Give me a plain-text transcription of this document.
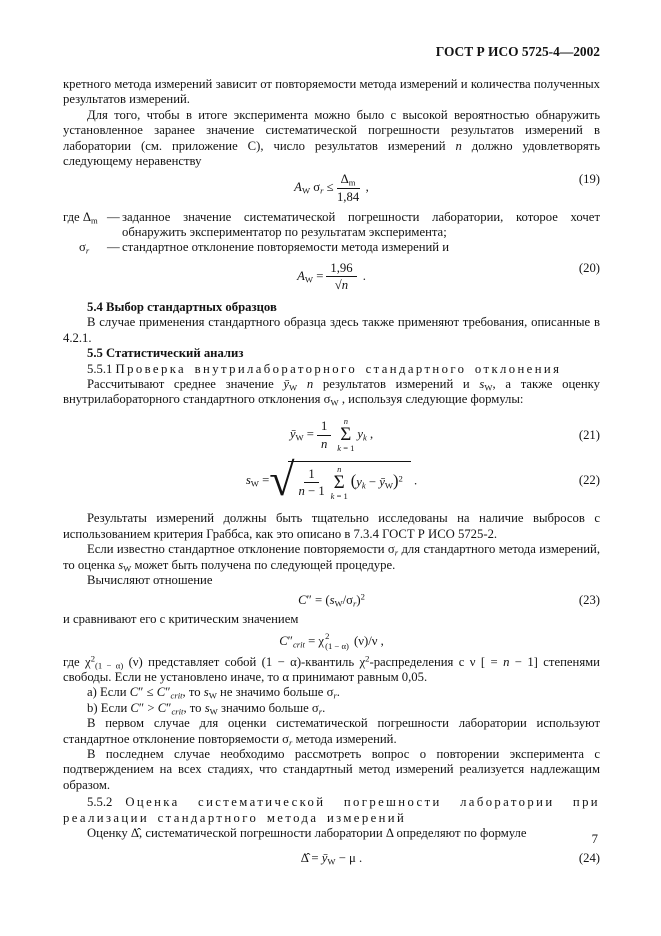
ГОСТ Р ИСО 5725-4—2002

кретного метода измерений зависит от повторяемости метода измерений и количества полученных результатов измерений.

Для того, чтобы в итоге эксперимента можно было с высокой вероятностью обнаружить установленное заранее значение систематической погрешности результатов измерений в лаборатории (см. приложение С), число результатов измерений n должно удовлетворять следующему неравенству

$A_W$ $\sigma_r \le \frac{\Delta_m}{1,84}$ ,
(19)
где $\Delta_m$ — заданное значение систематической погрешности лаборатории, которое хочет обнаружить экспериментатор по результатам эксперимента;
$\sigma_r$	— стандартное отклонение повторяемости метода измерений и
$A_W = \frac{1,96}{√n}$ .
(20)

5.4 Выбор стандартных образцов

В случае применения стандартного образца здесь также применяют требования, описанные в 4.2.1.

5.5 Статистический анализ

5.5.1 Проверка внутрилабораторного стандартного отклонения

Рассчитывают среднее значение $ȳ_W$ n результатов измерений и $s_W$, а также оценку внутрилабораторного стандартного отклонения $\sigma_W$ , используя следующие формулы:

$ȳ_W = \frac{1}{n}$ n
Σ
k = 1
$y_k$ ,	(21)
$s_W$ = √ $\frac{1}{n - 1}$ n
Σ
k = 1
($y_k$ − $ȳ_W)^2$ .	(22)

Результаты измерений должны быть тщательно исследованы на наличие выбросов с использованием критерия Граббса, как это описано в 7.3.4 ГОСТ Р ИСО 5725-2.

Если известно стандартное отклонение повторяемости $\sigma_r$ для стандартного метода измерений, то оценка $s_W$ может быть получена по следующей процедуре.

Вычисляют отношение

$C'' = (s_W/\sigma_r)^2$	(23)

и сравнивают его с критическим значением

$C''_{crit} = \chi$ 2
(1 − α) (ν)/ν ,

где $\chi^2_{(1 - \alpha)}$ (ν) представляет собой (1 − α)-квантиль $\chi^2$-распределения с ν [ = n − 1] степенями свободы. Если не установлено иначе, то α принимают равным 0,05.

a) Если $C'' \le C''_{crit}$, то $s_W$ не значимо больше $\sigma_r$.

b) Если $C'' > C''_{crit}$, то $s_W$ значимо больше $\sigma_r$.

В первом случае для оценки систематической погрешности лаборатории используют стандартное отклонение повторяемости $\sigma_r$ метода измерений.

В последнем случае необходимо рассмотреть вопрос о повторении эксперимента с подтверждением на всех стадиях, что стандартный метод измерений реализуется надлежащим образом.

5.5.2 Оценка систематической погрешности лаборатории при реализации стандартного метода измерений

Оценку Δ̂, систематической погрешности лаборатории Δ определяют по формуле

Δ̂ = $ȳ_W - \mu$ .	(24)
7
